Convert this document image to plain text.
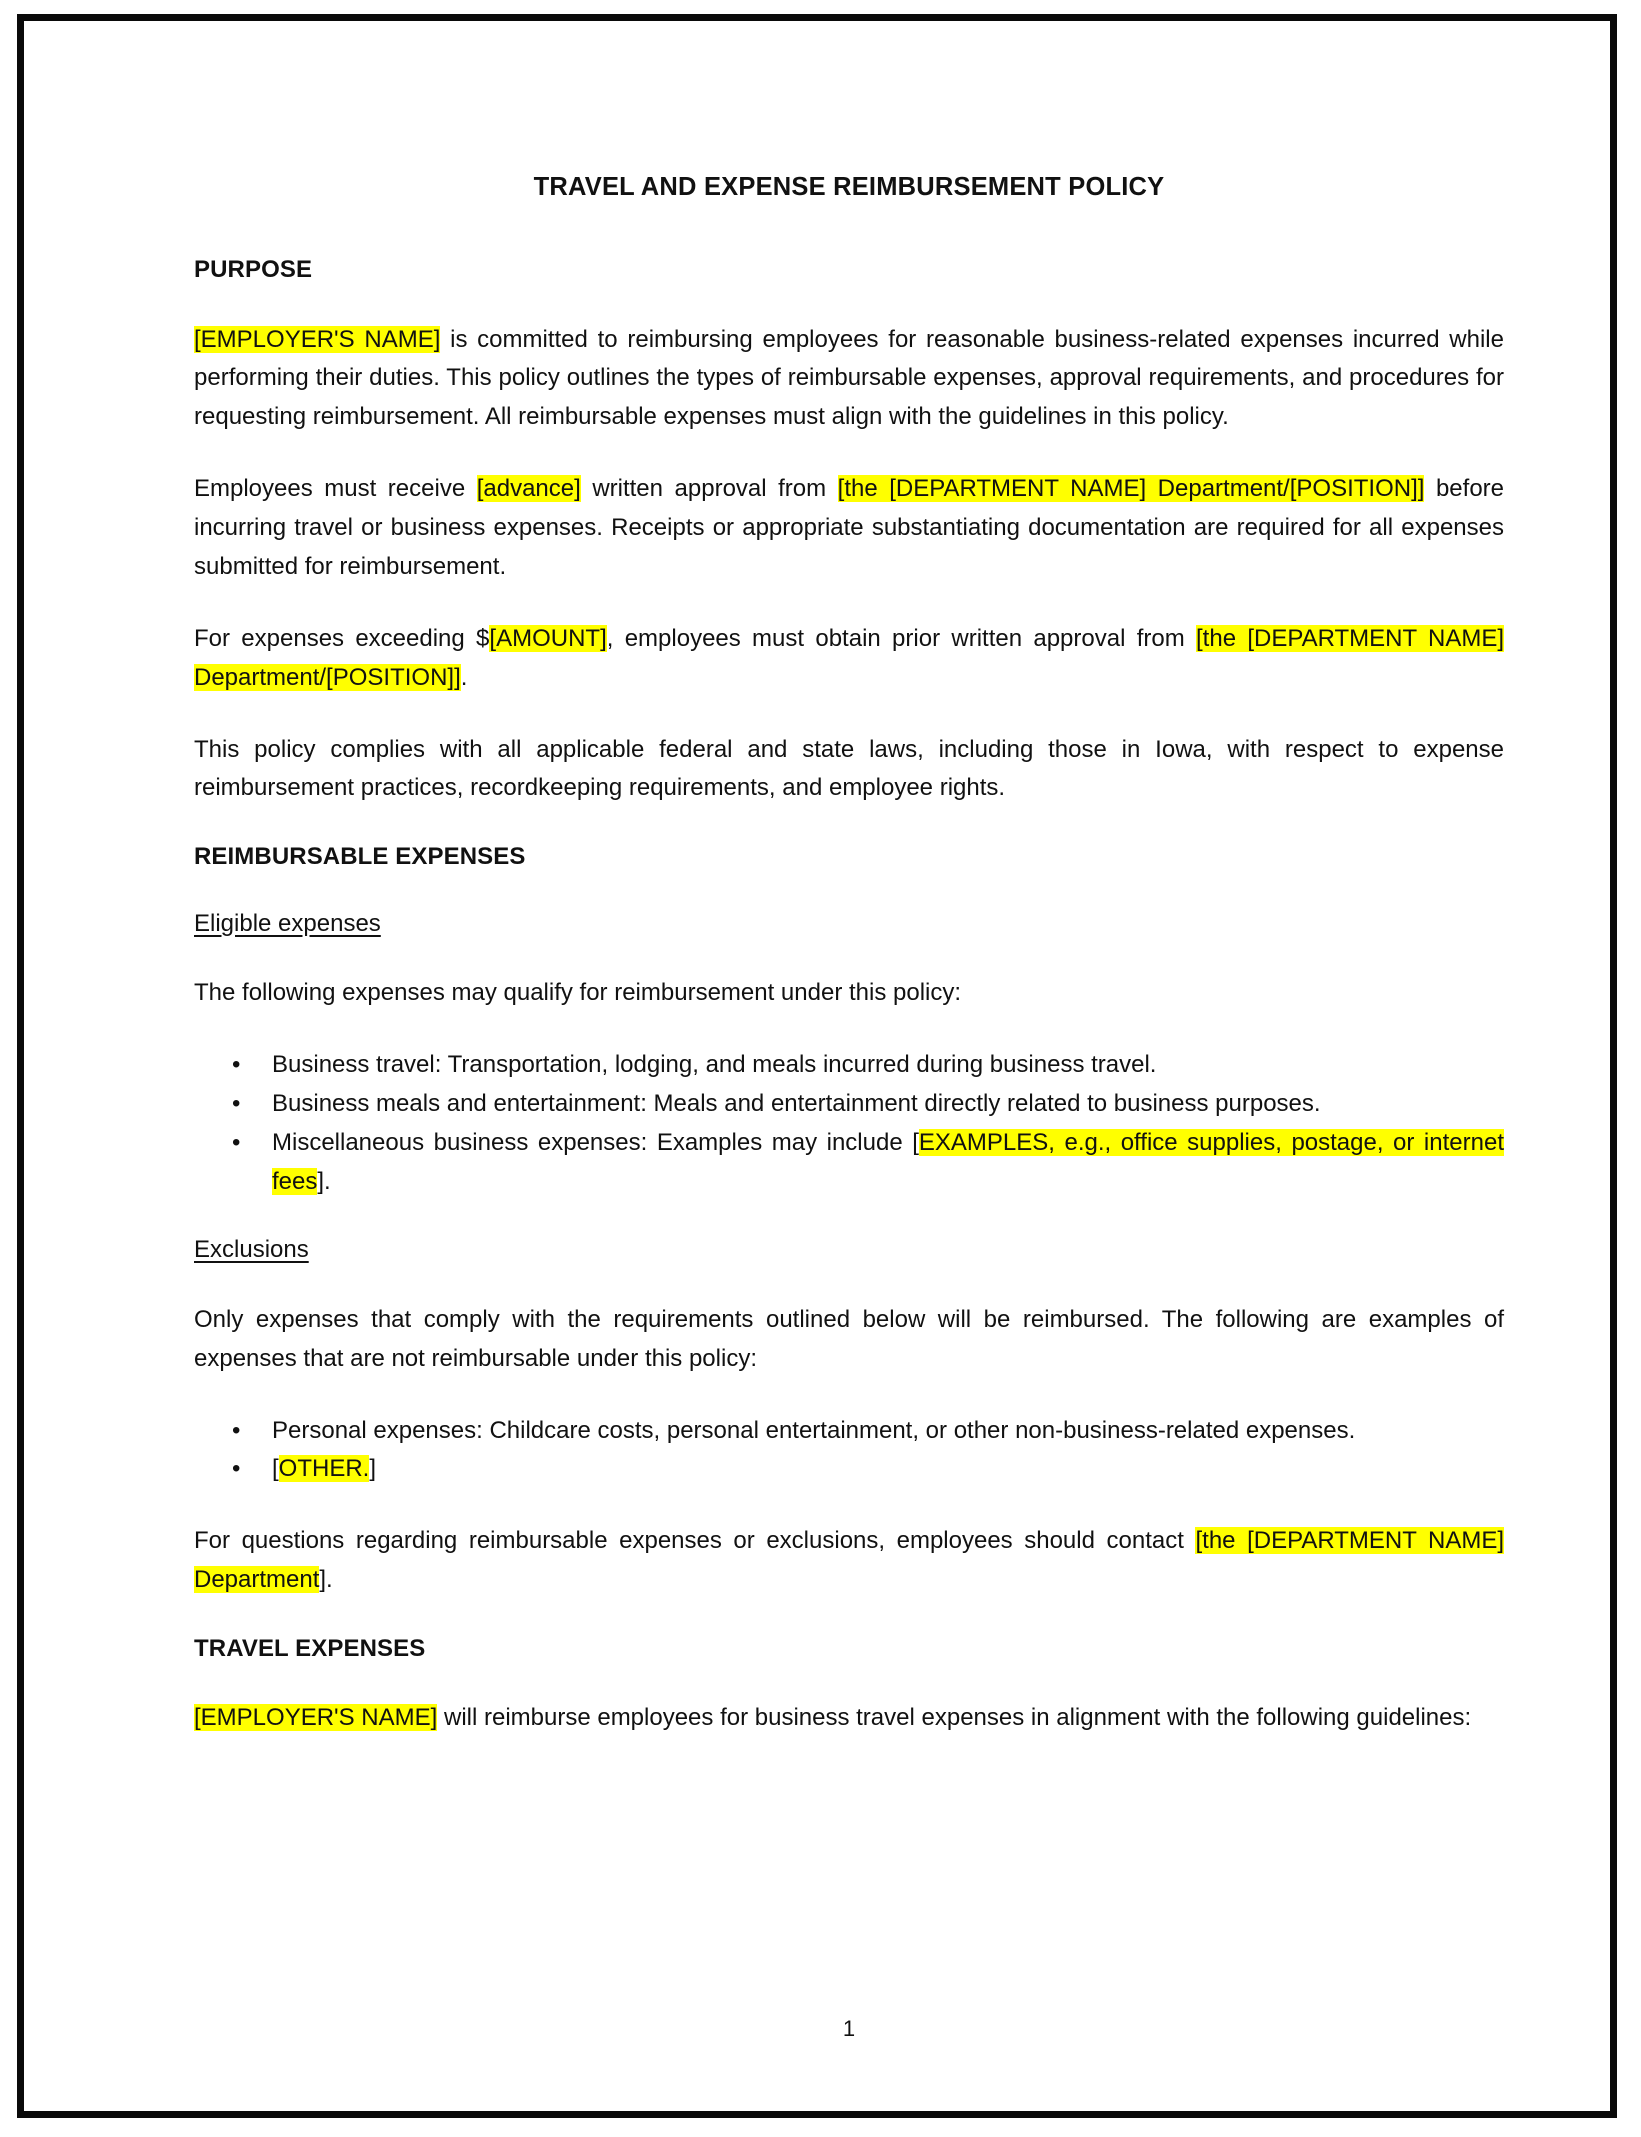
TRAVEL AND EXPENSE REIMBURSEMENT POLICY
PURPOSE

[EMPLOYER'S NAME] is committed to reimbursing employees for reasonable business-related expenses incurred while performing their duties. This policy outlines the types of reimbursable expenses, approval requirements, and procedures for requesting reimbursement. All reimbursable expenses must align with the guidelines in this policy.

Employees must receive [advance] written approval from [the [DEPARTMENT NAME] Department/[POSITION]] before incurring travel or business expenses. Receipts or appropriate substantiating documentation are required for all expenses submitted for reimbursement.

For expenses exceeding $[AMOUNT], employees must obtain prior written approval from [the [DEPARTMENT NAME] Department/[POSITION]].

This policy complies with all applicable federal and state laws, including those in Iowa, with respect to expense reimbursement practices, recordkeeping requirements, and employee rights.

REIMBURSABLE EXPENSES
Eligible expenses

The following expenses may qualify for reimbursement under this policy:

• Business travel: Transportation, lodging, and meals incurred during business travel.
• Business meals and entertainment: Meals and entertainment directly related to business purposes.
• Miscellaneous business expenses: Examples may include [EXAMPLES, e.g., office supplies, postage, or internet fees].
Exclusions

Only expenses that comply with the requirements outlined below will be reimbursed. The following are examples of expenses that are not reimbursable under this policy:

• Personal expenses: Childcare costs, personal entertainment, or other non-business-related expenses.
• [OTHER.]

For questions regarding reimbursable expenses or exclusions, employees should contact [the [DEPARTMENT NAME] Department].

TRAVEL EXPENSES

[EMPLOYER'S NAME] will reimburse employees for business travel expenses in alignment with the following guidelines:

1
